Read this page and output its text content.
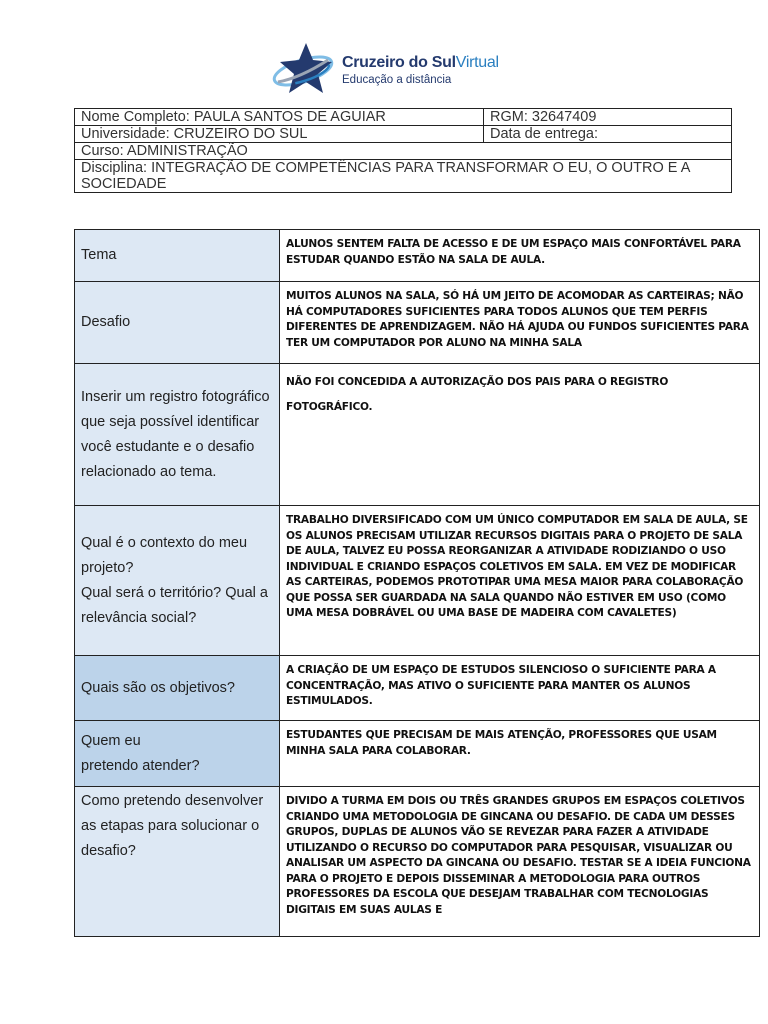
Cruzeiro do SulVirtual
Educação a distância
Nome Completo: PAULA SANTOS DE AGUIAR	RGM: 32647409
Universidade: CRUZEIRO DO SUL	Data de entrega:
Curso: ADMINISTRAÇÃO	
Disciplina: INTEGRAÇÃO DE COMPETÊNCIAS PARA TRANSFORMAR O EU, O OUTRO E A SOCIEDADE	
Tema	ALUNOS SENTEM FALTA DE ACESSO E DE UM ESPAÇO MAIS CONFORTÁVEL PARA ESTUDAR QUANDO ESTÃO NA SALA DE AULA.
Desafio	MUITOS ALUNOS NA SALA, SÓ HÁ UM JEITO DE ACOMODAR AS CARTEIRAS; NÃO HÁ COMPUTADORES SUFICIENTES PARA TODOS ALUNOS QUE TEM PERFIS DIFERENTES DE APRENDIZAGEM. NÃO HÁ AJUDA OU FUNDOS SUFICIENTES PARA TER UM COMPUTADOR POR ALUNO NA MINHA SALA
Inserir um registro fotográfico que seja possível identificar você estudante e o desafio relacionado ao tema.	NÃO FOI CONCEDIDA A AUTORIZAÇÃO DOS PAIS PARA O REGISTRO FOTOGRÁFICO.

Qual é o contexto do meu projeto?
Qual será o território? Qual a relevância social?	TRABALHO DIVERSIFICADO COM UM ÚNICO COMPUTADOR EM SALA DE AULA, SE OS ALUNOS PRECISAM UTILIZAR RECURSOS DIGITAIS PARA O PROJETO DE SALA DE AULA, TALVEZ EU POSSA REORGANIZAR A ATIVIDADE RODIZIANDO O USO INDIVIDUAL E CRIANDO ESPAÇOS COLETIVOS EM SALA. EM VEZ DE MODIFICAR AS CARTEIRAS, PODEMOS PROTOTIPAR UMA MESA MAIOR PARA COLABORAÇÃO QUE POSSA SER GUARDADA NA SALA QUANDO NÃO ESTIVER EM USO (COMO UMA MESA DOBRÁVEL OU UMA BASE DE MADEIRA COM CAVALETES)
Quais são os objetivos?	A CRIAÇÃO DE UM ESPAÇO DE ESTUDOS SILENCIOSO O SUFICIENTE PARA A CONCENTRAÇÃO, MAS ATIVO O SUFICIENTE PARA MANTER OS ALUNOS ESTIMULADOS.

Quem eu
pretendo atender?	ESTUDANTES QUE PRECISAM DE MAIS ATENÇÃO, PROFESSORES QUE USAM MINHA SALA PARA COLABORAR.
Como pretendo desenvolver as etapas para solucionar o desafio?	DIVIDO A TURMA EM DOIS OU TRÊS GRANDES GRUPOS EM ESPAÇOS COLETIVOS CRIANDO UMA METODOLOGIA DE GINCANA OU DESAFIO. DE CADA UM DESSES GRUPOS, DUPLAS DE ALUNOS VÃO SE REVEZAR PARA FAZER A ATIVIDADE UTILIZANDO O RECURSO DO COMPUTADOR PARA PESQUISAR, VISUALIZAR OU ANALISAR UM ASPECTO DA GINCANA OU DESAFIO. TESTAR SE A IDEIA FUNCIONA PARA O PROJETO E DEPOIS DISSEMINAR A METODOLOGIA PARA OUTROS PROFESSORES DA ESCOLA QUE DESEJAM TRABALHAR COM TECNOLOGIAS DIGITAIS EM SUAS AULAS E
